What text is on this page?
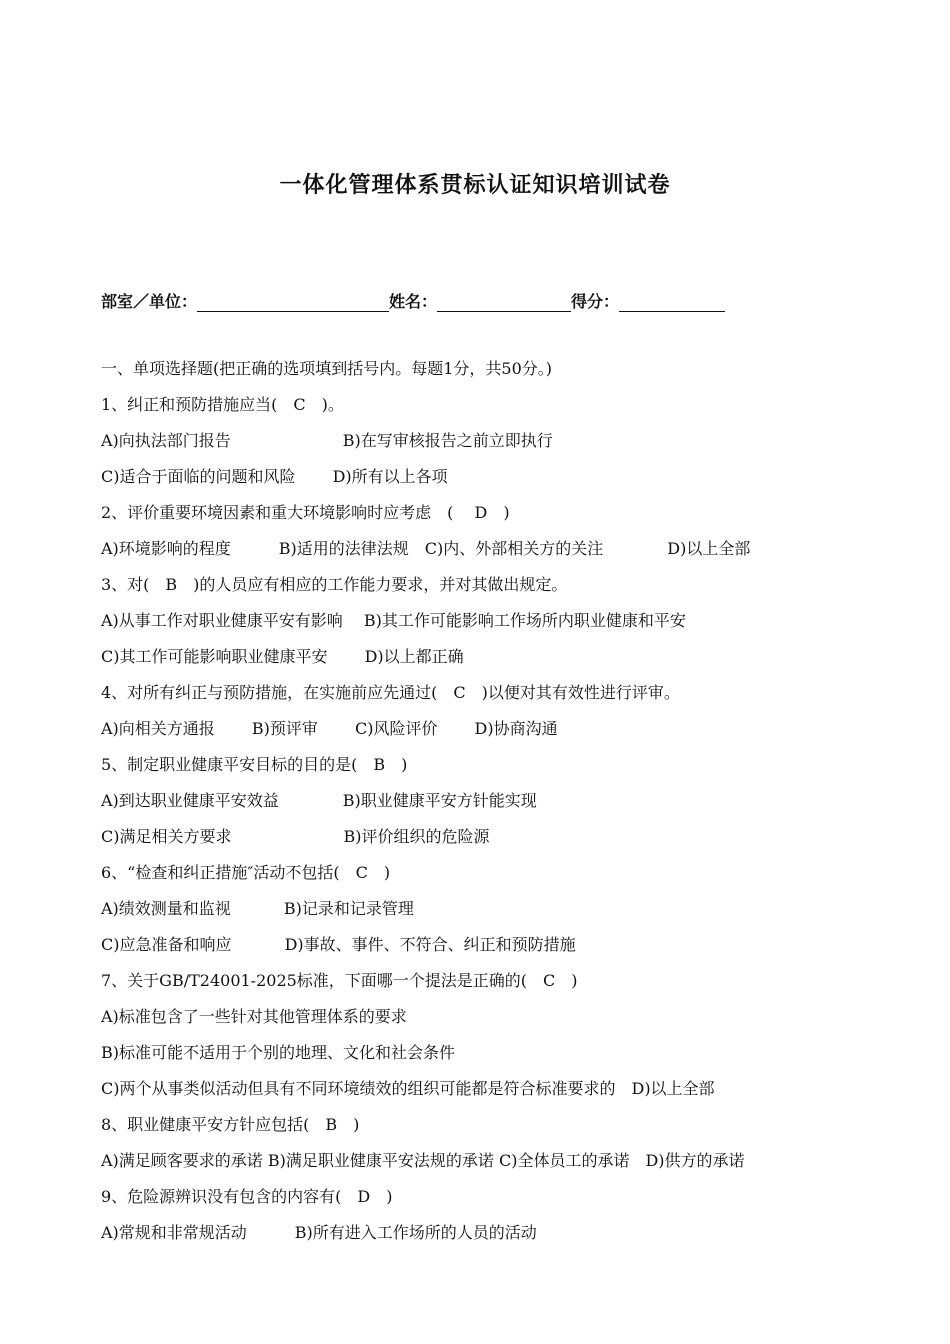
一体化管理体系贯标认证知识培训试卷
部室／单位：	姓名：	得分：
一、单项选择题(把正确的选项填到括号内。每题1分，共50分。)
1、纠正和预防措施应当(　C　)。
A)向执法部门报告　　　　　　　B)在写审核报告之前立即执行
C)适合于面临的问题和风险　　 D)所有以上各项
2、评价重要环境因素和重大环境影响时应考虑　(　 D　)
A)环境影响的程度　　　B)适用的法律法规　C)内、外部相关方的关注　　　　D)以上全部
3、对(　B　)的人员应有相应的工作能力要求，并对其做出规定。
A)从事工作对职业健康平安有影响　 B)其工作可能影响工作场所内职业健康和平安
C)其工作可能影响职业健康平安　　 D)以上都正确
4、对所有纠正与预防措施，在实施前应先通过(　C　)以便对其有效性进行评审。
A)向相关方通报　　 B)预评审　　 C)风险评价　　 D)协商沟通
5、制定职业健康平安目标的目的是(　B　)
A)到达职业健康平安效益　　　　B)职业健康平安方针能实现
C)满足相关方要求　　　　　　　B)评价组织的危险源
6、“检查和纠正措施″活动不包括(　C　)
A)绩效测量和监视　　　 B)记录和记录管理
C)应急准备和响应　　　 D)事故、事件、不符合、纠正和预防措施
7、关于GB/T24001-2025标准，下面哪一个提法是正确的(　C　)
A)标准包含了一些针对其他管理体系的要求
B)标准可能不适用于个别的地理、文化和社会条件
C)两个从事类似活动但具有不同环境绩效的组织可能都是符合标准要求的　D)以上全部
8、职业健康平安方针应包括(　B　)
A)满足顾客要求的承诺 B)满足职业健康平安法规的承诺 C)全体员工的承诺　D)供方的承诺
9、危险源辨识没有包含的内容有(　D　)
A)常规和非常规活动　　　B)所有进入工作场所的人员的活动
